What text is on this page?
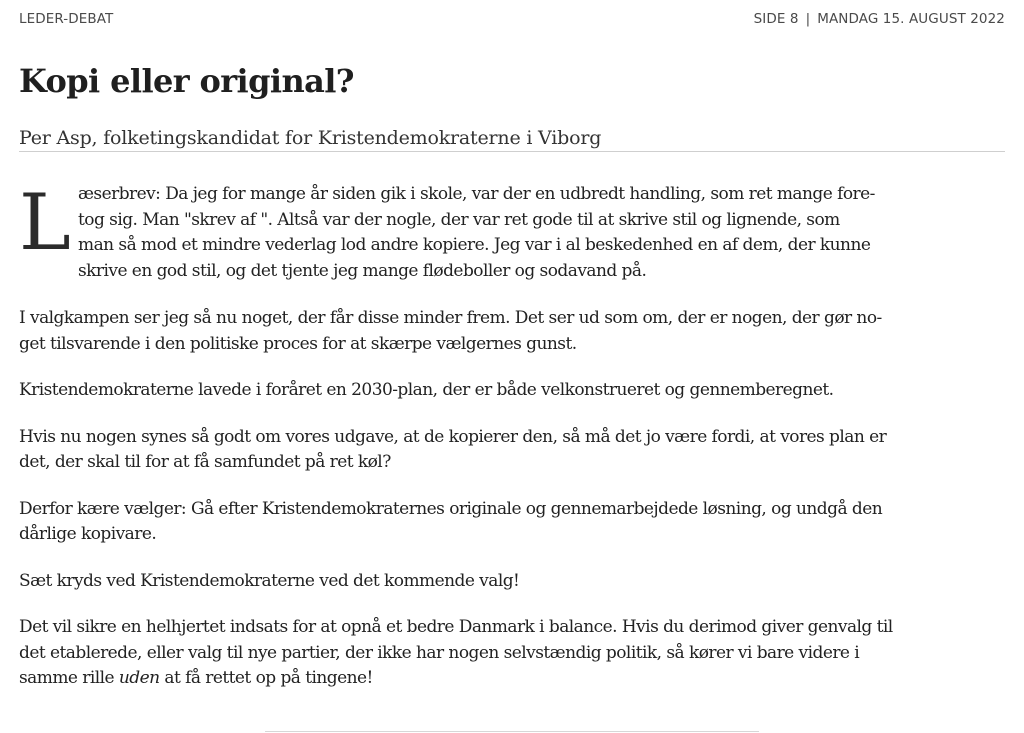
LEDER-DEBAT	SIDE 8 | MANDAG 15. AUGUST 2022
Kopi eller original?
Per Asp, folketingskandidat for Kristendemokraterne i Viborg
L æserbrev: Da jeg for mange år siden gik i skole, var der en udbredt handling, som ret mange fore-
tog sig. Man "skrev af ". Altså var der nogle, der var ret gode til at skrive stil og lignende, som
man så mod et mindre vederlag lod andre kopiere. Jeg var i al beskedenhed en af dem, der kunne
skrive en god stil, og det tjente jeg mange flødeboller og sodavand på.

I valgkampen ser jeg så nu noget, der får disse minder frem. Det ser ud som om, der er nogen, der gør no-
get tilsvarende i den politiske proces for at skærpe vælgernes gunst.

Kristendemokraterne lavede i foråret en 2030-plan, der er både velkonstrueret og gennemberegnet.

Hvis nu nogen synes så godt om vores udgave, at de kopierer den, så må det jo være fordi, at vores plan er
det, der skal til for at få samfundet på ret køl?

Derfor kære vælger: Gå efter Kristendemokraternes originale og gennemarbejdede løsning, og undgå den
dårlige kopivare.

Sæt kryds ved Kristendemokraterne ved det kommende valg!

Det vil sikre en helhjertet indsats for at opnå et bedre Danmark i balance. Hvis du derimod giver genvalg til
det etablerede, eller valg til nye partier, der ikke har nogen selvstændig politik, så kører vi bare videre i
samme rille uden at få rettet op på tingene!
